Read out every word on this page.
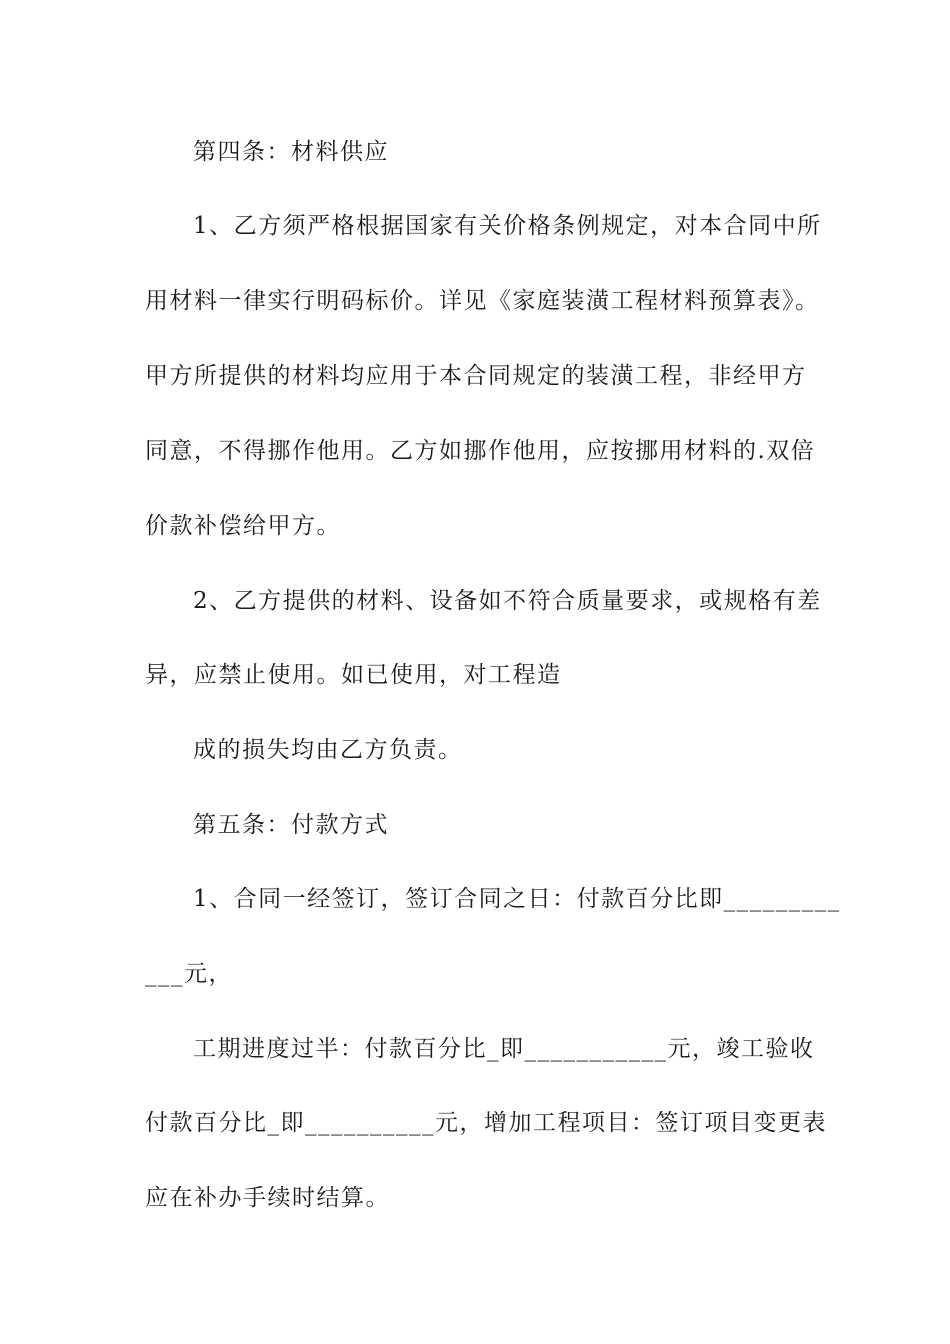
第四条：材料供应
1、乙方须严格根据国家有关价格条例规定，对本合同中所
用材料一律实行明码标价。详见《家庭装潢工程材料预算表》。
甲方所提供的材料均应用于本合同规定的装潢工程，非经甲方
同意，不得挪作他用。乙方如挪作他用，应按挪用材料的.双倍
价款补偿给甲方。
2、乙方提供的材料、设备如不符合质量要求，或规格有差
异，应禁止使用。如已使用，对工程造
成的损失均由乙方负责。
第五条：付款方式
1、合同一经签订，签订合同之日：付款百分比即_________
___元，
工期进度过半：付款百分比_即___________元，竣工验收
付款百分比_即__________元，增加工程项目：签订项目变更表
应在补办手续时结算。
